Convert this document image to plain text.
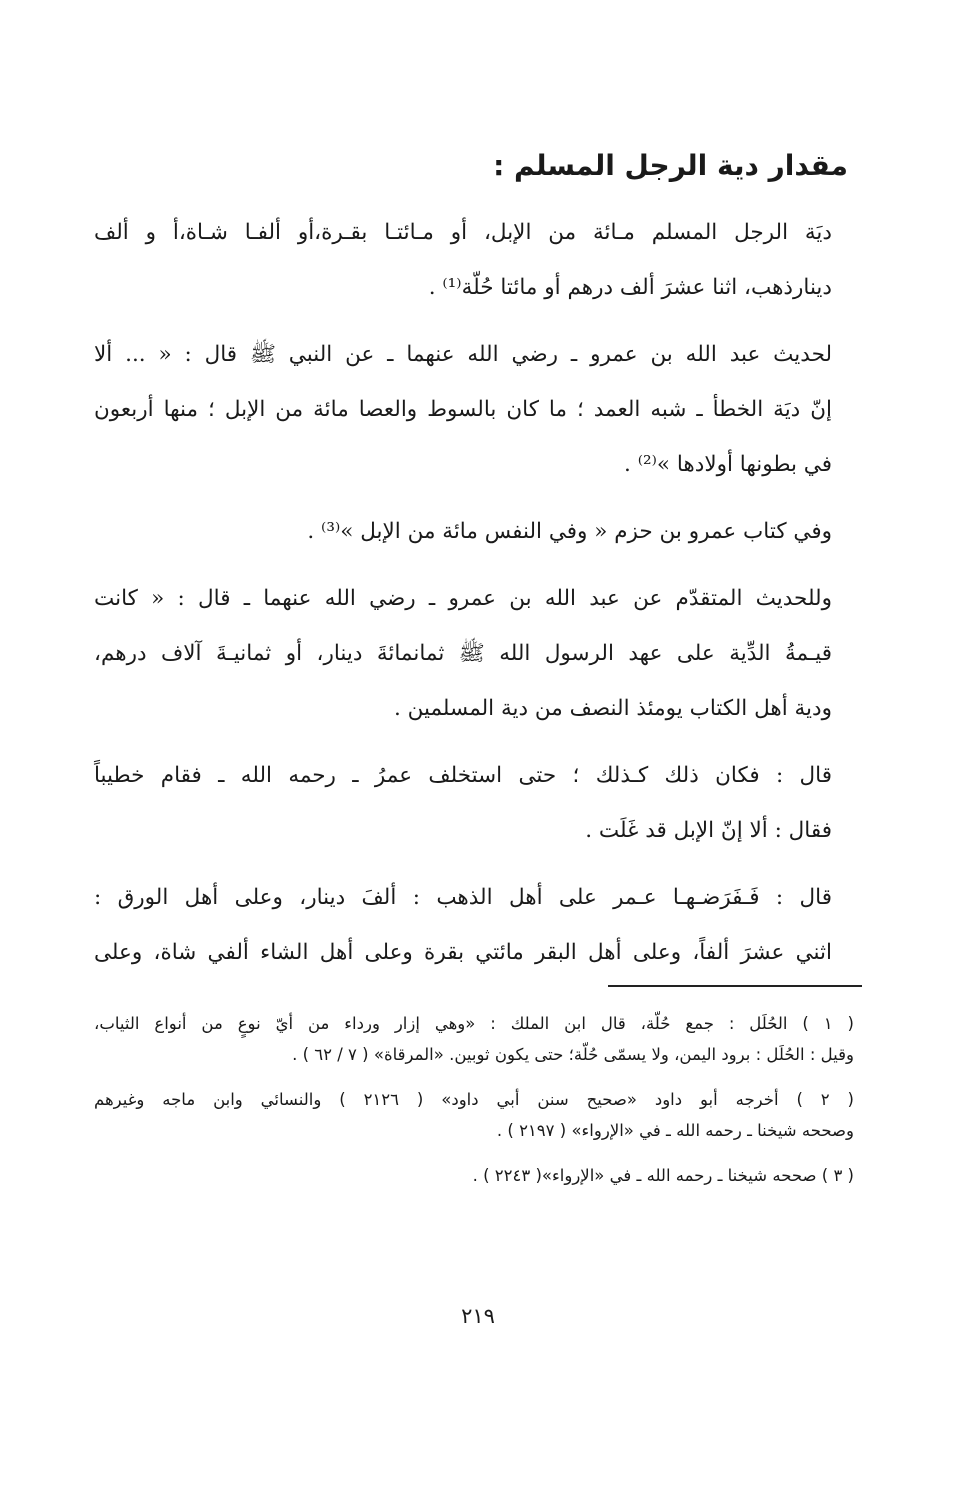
مقدار دية الرجل المسلم :

ديَة الرجل المسلم مـائة من الإبل، أو مـائتـا بقـرة،أو ألفـا شـاة،أ و ألف
دينارذهب، اثنا عشرَ ألف درهم أو مائتا حُلّة⁽¹⁾ .

لحديث عبد الله بن عمرو ـ رضي الله عنهما ـ عن النبي ﷺ قال : « ... ألا
إنّ ديَة الخطأ ـ شبه العمد ؛ ما كان بالسوط والعصا مائة من الإبل ؛ منها أربعون
في بطونها أولادها »⁽²⁾ .

وفي كتاب عمرو بن حزم « وفي النفس مائة من الإبل »⁽³⁾ .

وللحديث المتقدّم عن عبد الله بن عمرو ـ رضي الله عنهما ـ قال : « كانت
قيـمةُ الدِّية على عهد الرسول الله ﷺ ثمانمائةَ دينار، أو ثمانيـةَ آلاف درهم،
ودية أهل الكتاب يومئذ النصف من دية المسلمين .

قال : فكان ذلك كـذلك ؛ حتى استخلف عمرُ ـ رحمه الله ـ فقام خطيباً
فقال : ألا إنّ الإبل قد غَلَت .

قال : فَـفَرَضـهـا عـمر على أهل الذهب : ألفَ دينار، وعلى أهل الورق :
اثني عشرَ ألفاً، وعلى أهل البقر مائتي بقرة وعلى أهل الشاء ألفي شاة، وعلى

( ١ ) الحُلَل : جمع حُلّة، قال ابن الملك : «وهي إزار ورداء من أيّ نوعٍ من أنواع الثياب،
وقيل : الحُلَل : برود اليمن، ولا يسمّى حُلّة؛ حتى يكون ثوبين. «المرقاة» ( ٧ / ٦٢ ) .

( ٢ ) أخرجه أبو داود «صحيح سنن أبي داود» ( ٢١٢٦ ) والنسائي وابن ماجه وغيرهم
وصححه شيخنا ـ رحمه الله ـ في «الإرواء» ( ٢١٩٧ ) .

( ٣ ) صححه شيخنا ـ رحمه الله ـ في «الإرواء»( ٢٢٤٣ ) .

٢١٩
